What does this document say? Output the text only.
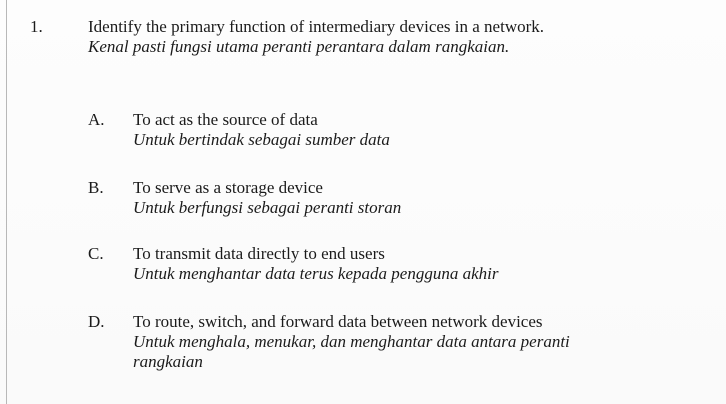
1.	Identify the primary function of intermediary devices in a network.
Kenal pasti fungsi utama peranti perantara dalam rangkaian.
A. To act as the source of data
Untuk bertindak sebagai sumber data
B. To serve as a storage device
Untuk berfungsi sebagai peranti storan
C. To transmit data directly to end users
Untuk menghantar data terus kepada pengguna akhir
D. To route, switch, and forward data between network devices
Untuk menghala, menukar, dan menghantar data antara peranti
rangkaian
